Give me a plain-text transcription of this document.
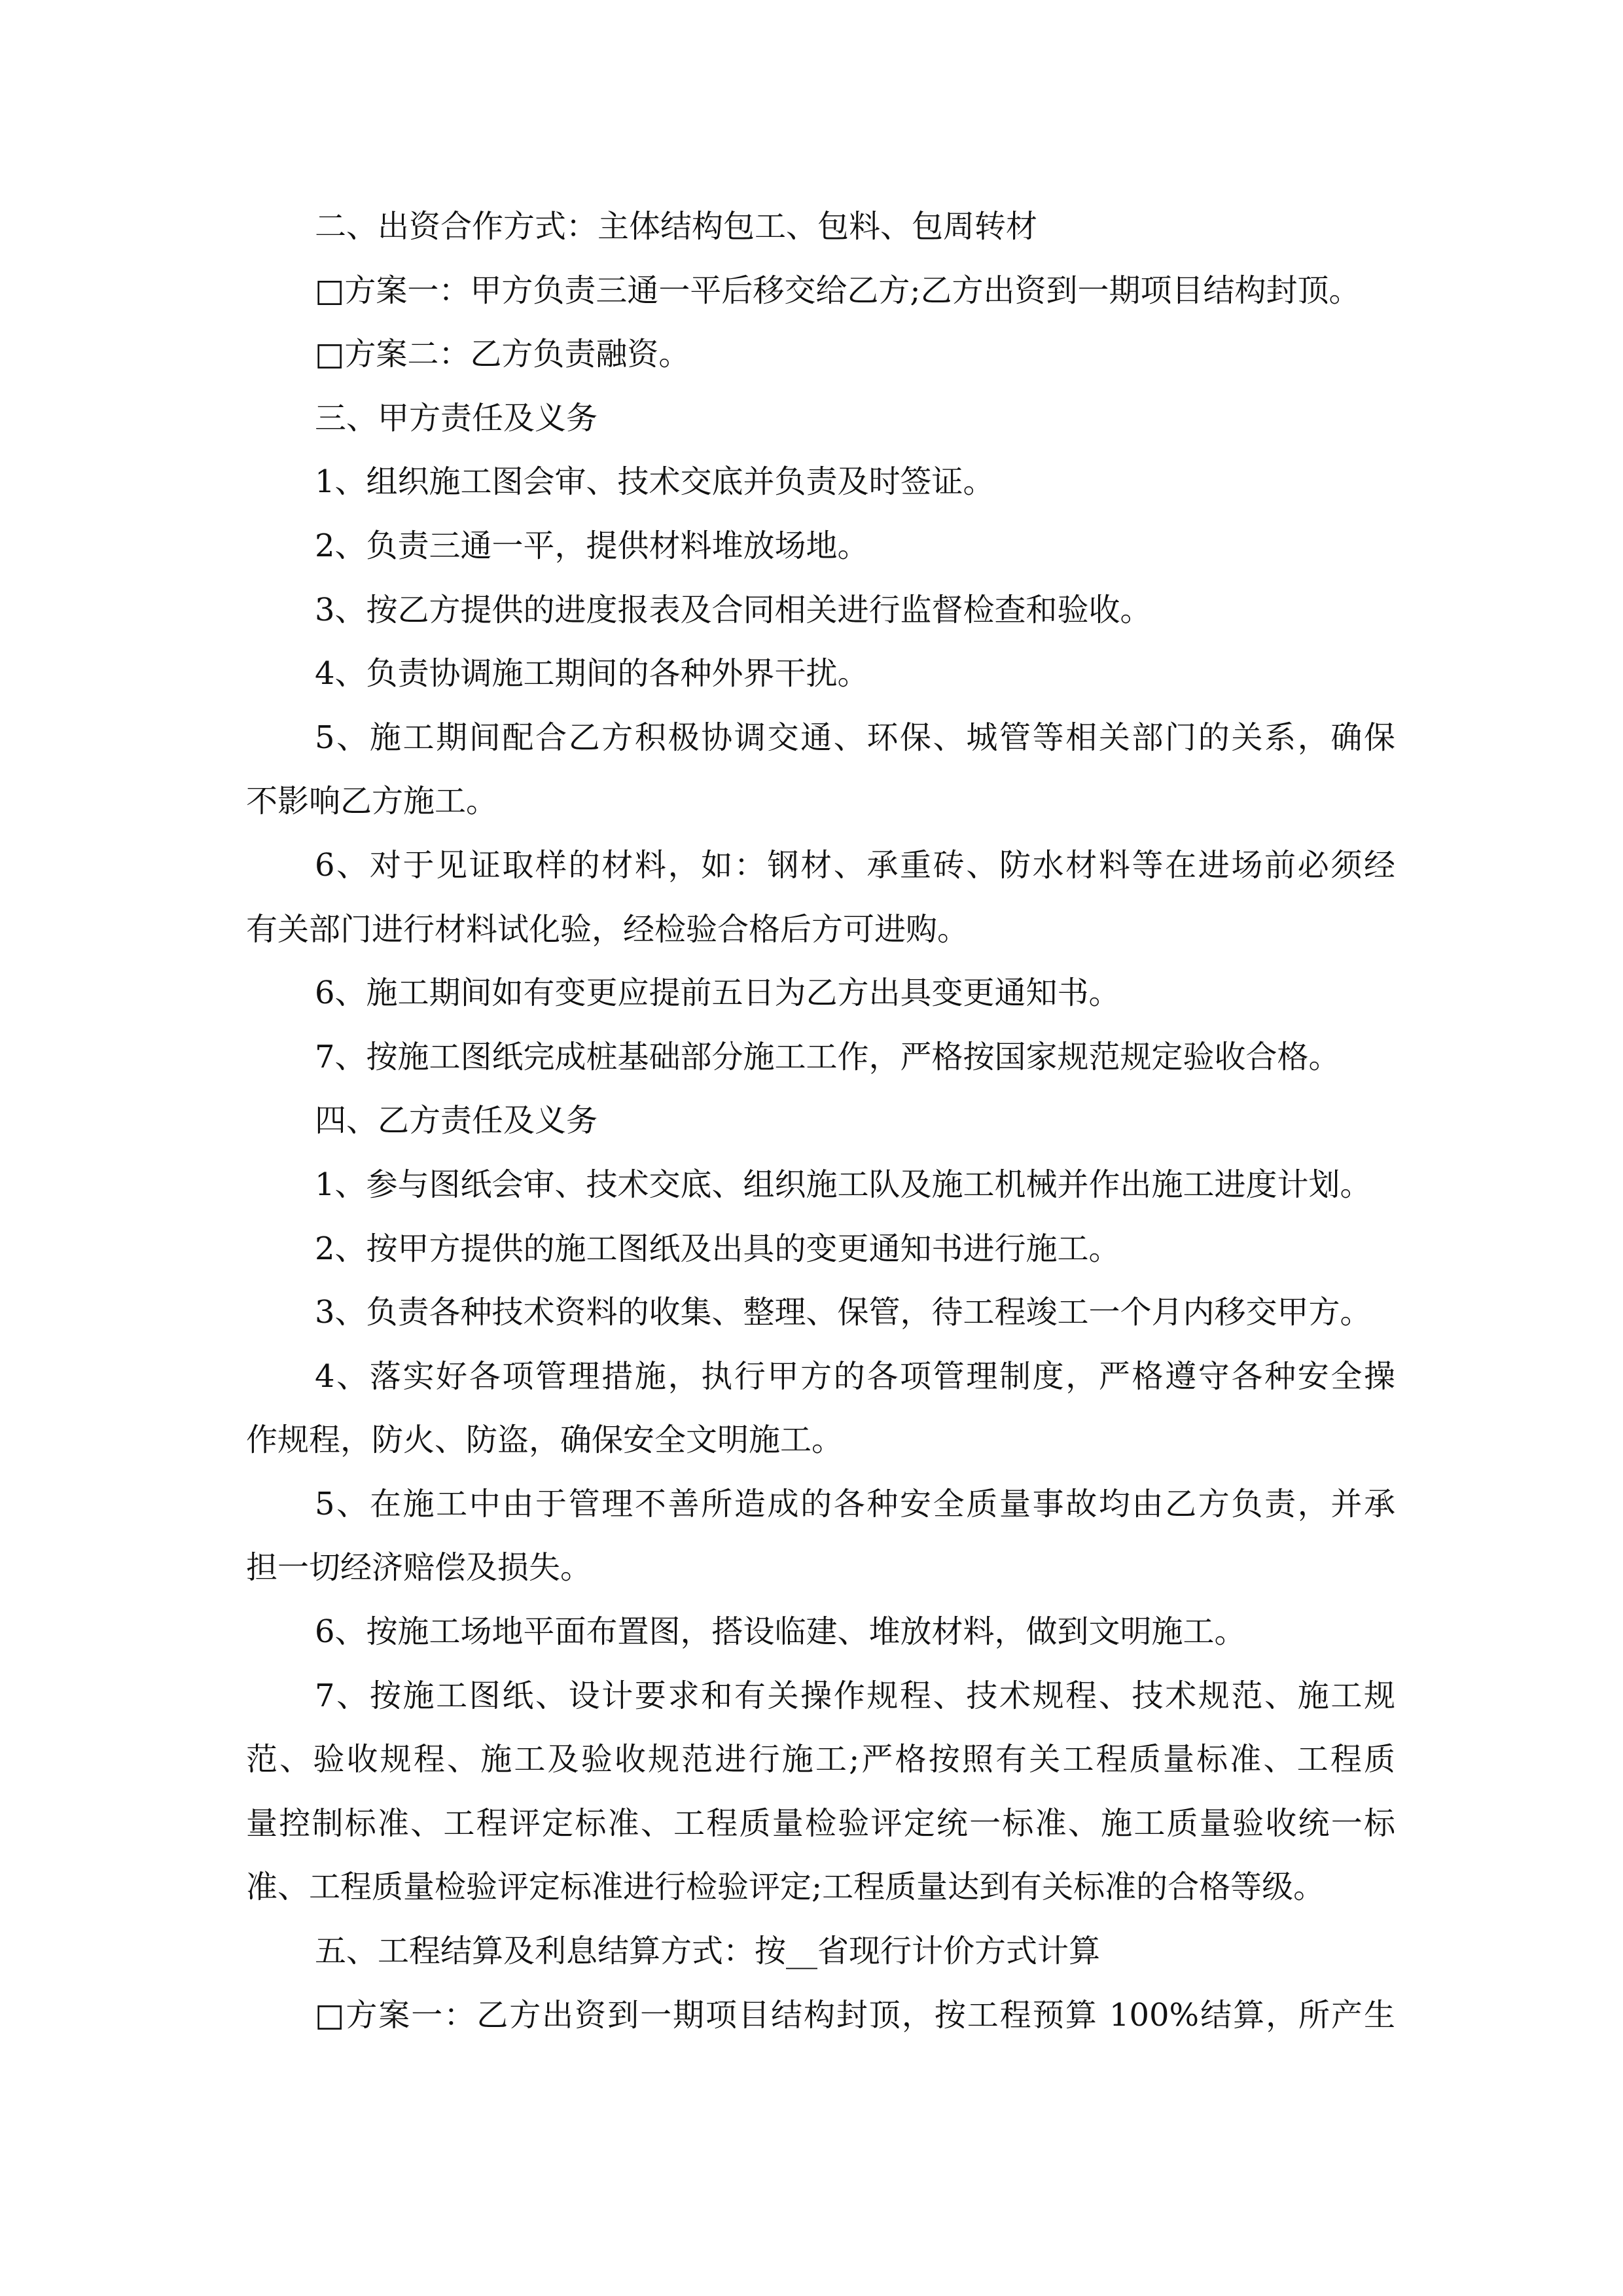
二、出资合作方式：主体结构包工、包料、包周转材
□方案一：甲方负责三通一平后移交给乙方;乙方出资到一期项目结构封顶。
□方案二：乙方负责融资。
三、甲方责任及义务
1、组织施工图会审、技术交底并负责及时签证。
2、负责三通一平，提供材料堆放场地。
3、按乙方提供的进度报表及合同相关进行监督检查和验收。
4、负责协调施工期间的各种外界干扰。
5、施工期间配合乙方积极协调交通、环保、城管等相关部门的关系，确保
不影响乙方施工。
6、对于见证取样的材料，如：钢材、承重砖、防水材料等在进场前必须经
有关部门进行材料试化验，经检验合格后方可进购。
6、施工期间如有变更应提前五日为乙方出具变更通知书。
7、按施工图纸完成桩基础部分施工工作，严格按国家规范规定验收合格。
四、乙方责任及义务
1、参与图纸会审、技术交底、组织施工队及施工机械并作出施工进度计划。
2、按甲方提供的施工图纸及出具的变更通知书进行施工。
3、负责各种技术资料的收集、整理、保管，待工程竣工一个月内移交甲方。
4、落实好各项管理措施，执行甲方的各项管理制度，严格遵守各种安全操
作规程，防火、防盗，确保安全文明施工。
5、在施工中由于管理不善所造成的各种安全质量事故均由乙方负责，并承
担一切经济赔偿及损失。
6、按施工场地平面布置图，搭设临建、堆放材料，做到文明施工。
7、按施工图纸、设计要求和有关操作规程、技术规程、技术规范、施工规
范、验收规程、施工及验收规范进行施工;严格按照有关工程质量标准、工程质
量控制标准、工程评定标准、工程质量检验评定统一标准、施工质量验收统一标
准、工程质量检验评定标准进行检验评定;工程质量达到有关标准的合格等级。
五、工程结算及利息结算方式：按__省现行计价方式计算
□方案一：乙方出资到一期项目结构封顶，按工程预算 100%结算，所产生
